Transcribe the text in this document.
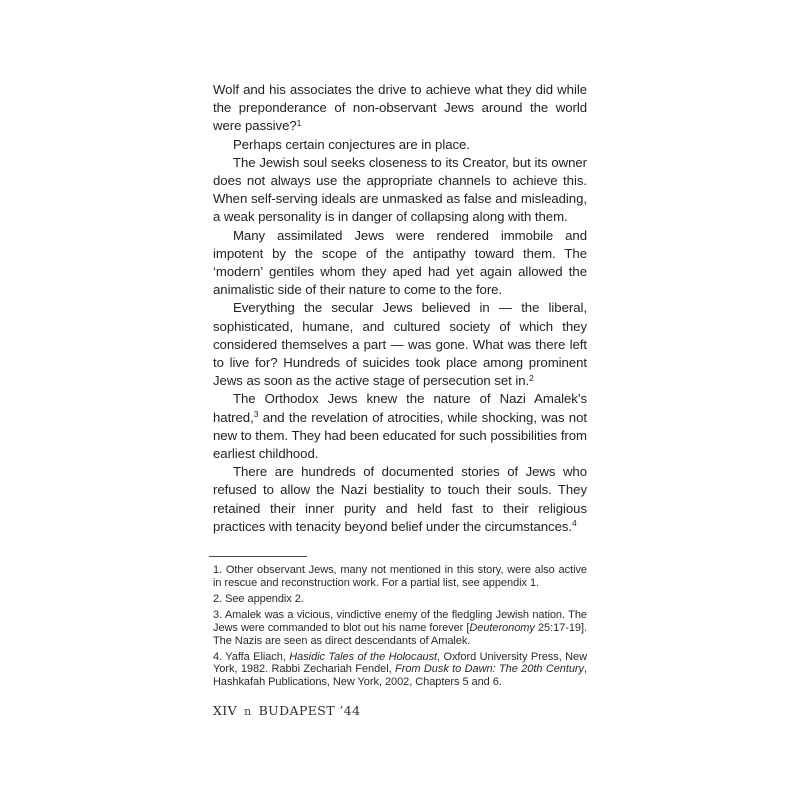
Wolf and his associates the drive to achieve what they did while the preponderance of non-observant Jews around the world were passive?$^1$

Perhaps certain conjectures are in place.

The Jewish soul seeks closeness to its Creator, but its owner does not always use the appropriate channels to achieve this. When self-serving ideals are unmasked as false and misleading, a weak personality is in danger of collapsing along with them.

Many assimilated Jews were rendered immobile and impotent by the scope of the antipathy toward them. The ‘modern’ gentiles whom they aped had yet again allowed the animalistic side of their nature to come to the fore.

Everything the secular Jews believed in — the liberal, sophisticated, humane, and cultured society of which they considered themselves a part — was gone. What was there left to live for? Hundreds of suicides took place among prominent Jews as soon as the active stage of persecution set in.$^2$

The Orthodox Jews knew the nature of Nazi Amalek’s hatred,$^3$ and the revelation of atrocities, while shocking, was not new to them. They had been educated for such possibilities from earliest childhood.

There are hundreds of documented stories of Jews who refused to allow the Nazi bestiality to touch their souls. They retained their inner purity and held fast to their religious practices with tenacity beyond belief under the circumstances.$^4$

1. Other observant Jews, many not mentioned in this story, were also active in rescue and reconstruction work. For a partial list, see appendix 1.

2. See appendix 2.

3. Amalek was a vicious, vindictive enemy of the fledgling Jewish nation. The Jews were commanded to blot out his name forever [Deuteronomy 25:17-19]. The Nazis are seen as direct descendants of Amalek.

4. Yaffa Eliach, Hasidic Tales of the Holocaust, Oxford University Press, New York, 1982. Rabbi Zechariah Fendel, From Dusk to Dawn: The 20th Century, Hashkafah Publications, New York, 2002, Chapters 5 and 6.

XIV n BUDAPEST ’44
